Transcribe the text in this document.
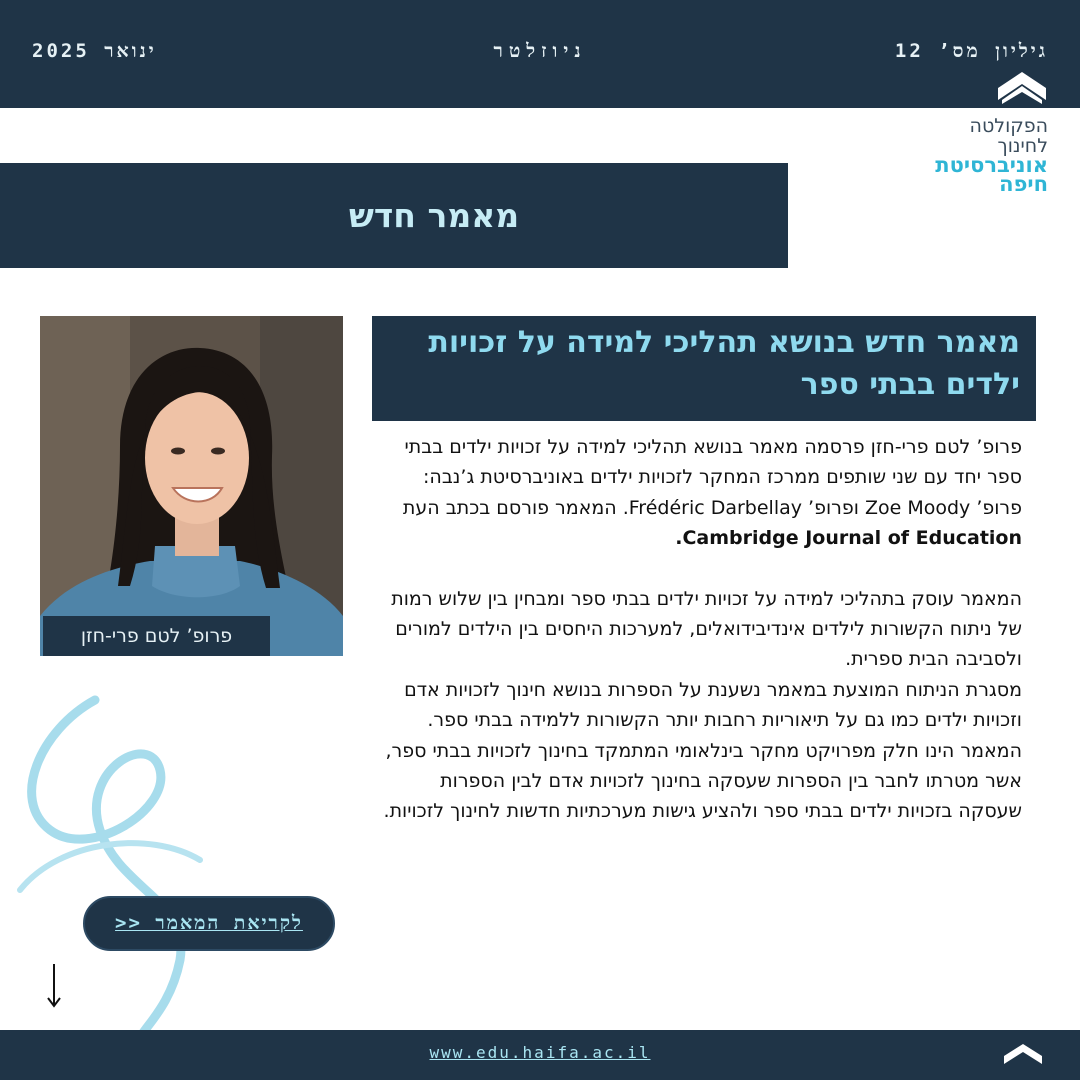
גיליון מס’ 12
ניוזלטר
ינואר 2025
הפקולטה
לחינוך
אוניברסיטת
חיפה
מאמר חדש
פרופ’ לטם פרי-חזן
מאמר חדש בנושא תהליכי למידה על זכויות ילדים בבתי ספר

פרופ’ לטם פרי-חזן פרסמה מאמר בנושא תהליכי למידה על זכויות ילדים בבתי ספר יחד עם שני שותפים ממרכז המחקר לזכויות ילדים באוניברסיטת ג’נבה: פרופ’ Zoe Moody ופרופ’ Frédéric Darbellay. המאמר פורסם בכתב העת Cambridge Journal of Education.

המאמר עוסק בתהליכי למידה על זכויות ילדים בבתי ספר ומבחין בין שלוש רמות של ניתוח הקשורות לילדים אינדיבידואלים, למערכות היחסים בין הילדים למורים ולסביבה הבית ספרית.

מסגרת הניתוח המוצעת במאמר נשענת על הספרות בנושא חינוך לזכויות אדם וזכויות ילדים כמו גם על תיאוריות רחבות יותר הקשורות ללמידה בבתי ספר.

המאמר הינו חלק מפרויקט מחקר בינלאומי המתמקד בחינוך לזכויות בבתי ספר, אשר מטרתו לחבר בין הספרות שעסקה בחינוך לזכויות אדם לבין הספרות שעסקה בזכויות ילדים בבתי ספר ולהציע גישות מערכתיות חדשות לחינוך לזכויות.

לקריאת המאמר <<
www.edu.haifa.ac.il
